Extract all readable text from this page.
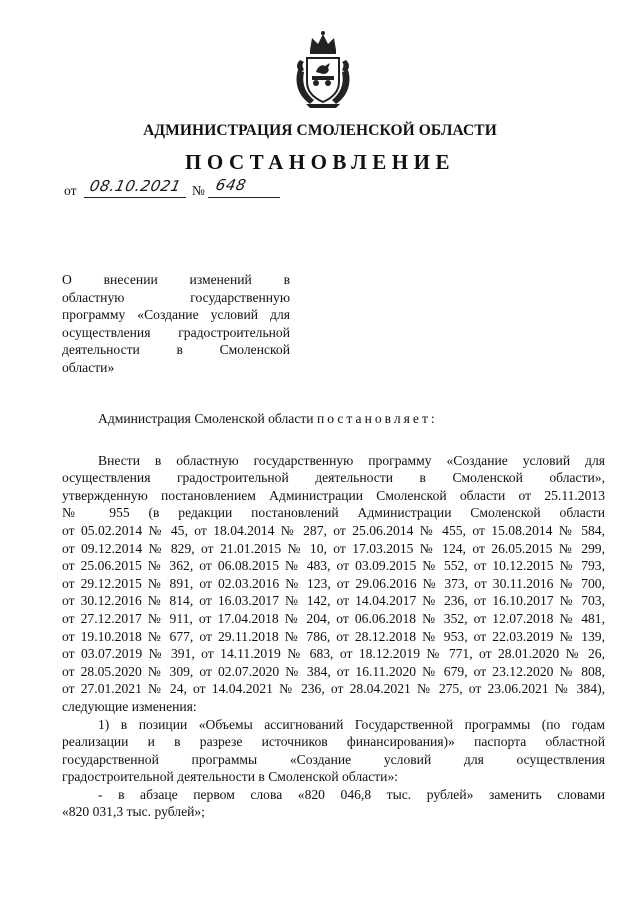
АДМИНИСТРАЦИЯ СМОЛЕНСКОЙ ОБЛАСТИ
ПОСТАНОВЛЕНИЕ
от 08.10.2021 № 648
О внесении изменений в
областную государственную
программу «Создание условий для
осуществления градостроительной
деятельности в Смоленской
области»
Администрация Смоленской области постановляет:
Внести в областную государственную программу «Создание условий для
осуществления градостроительной деятельности в Смоленской области»,
утвержденную постановлением Администрации Смоленской области от 25.11.2013
№ 955 (в редакции постановлений Администрации Смоленской области
от 05.02.2014 № 45, от 18.04.2014 № 287, от 25.06.2014 № 455, от 15.08.2014 № 584,
от 09.12.2014 № 829, от 21.01.2015 № 10, от 17.03.2015 № 124, от 26.05.2015 № 299,
от 25.06.2015 № 362, от 06.08.2015 № 483, от 03.09.2015 № 552, от 10.12.2015 № 793,
от 29.12.2015 № 891, от 02.03.2016 № 123, от 29.06.2016 № 373, от 30.11.2016 № 700,
от 30.12.2016 № 814, от 16.03.2017 № 142, от 14.04.2017 № 236, от 16.10.2017 № 703,
от 27.12.2017 № 911, от 17.04.2018 № 204, от 06.06.2018 № 352, от 12.07.2018 № 481,
от 19.10.2018 № 677, от 29.11.2018 № 786, от 28.12.2018 № 953, от 22.03.2019 № 139,
от 03.07.2019 № 391, от 14.11.2019 № 683, от 18.12.2019 № 771, от 28.01.2020 № 26,
от 28.05.2020 № 309, от 02.07.2020 № 384, от 16.11.2020 № 679, от 23.12.2020 № 808,
от 27.01.2021 № 24, от 14.04.2021 № 236, от 28.04.2021 № 275, от 23.06.2021 № 384),
следующие изменения:
1) в позиции «Объемы ассигнований Государственной программы (по годам
реализации и в разрезе источников финансирования)» паспорта областной
государственной программы «Создание условий для осуществления
градостроительной деятельности в Смоленской области»:
- в абзаце первом слова «820 046,8 тыс. рублей» заменить словами
«820 031,3 тыс. рублей»;
